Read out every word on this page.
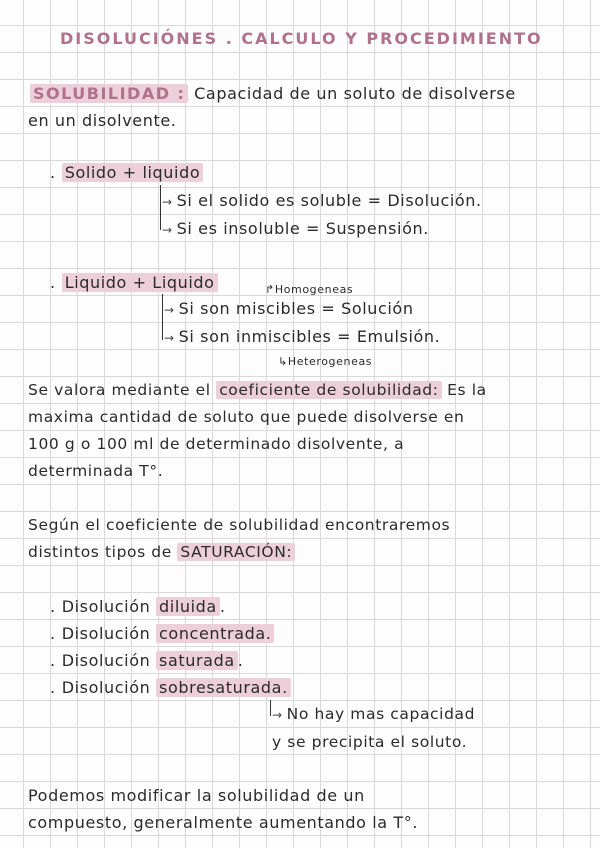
DISOLUCIÓNES . CALCULO Y PROCEDIMIENTO
SOLUBILIDAD : Capacidad de un soluto de disolverse
en un disolvente.
. Solido + liquido
→ Si el solido es soluble = Disolución.
→ Si es insoluble = Suspensión.
. Liquido + Liquido	↱Homogeneas
→ Si son miscibles = Solución
→ Si son inmiscibles = Emulsión.
↳Heterogeneas
Se valora mediante el coeficiente de solubilidad: Es la
maxima cantidad de soluto que puede disolverse en
100 g o 100 ml de determinado disolvente, a
determinada T°.
Según el coeficiente de solubilidad encontraremos
distintos tipos de SATURACIÓN:
. Disolución diluida .
. Disolución concentrada.
. Disolución saturada .
. Disolución sobresaturada.
→ No hay mas capacidad
y se precipita el soluto.
Podemos modificar la solubilidad de un
compuesto, generalmente aumentando la T°.
